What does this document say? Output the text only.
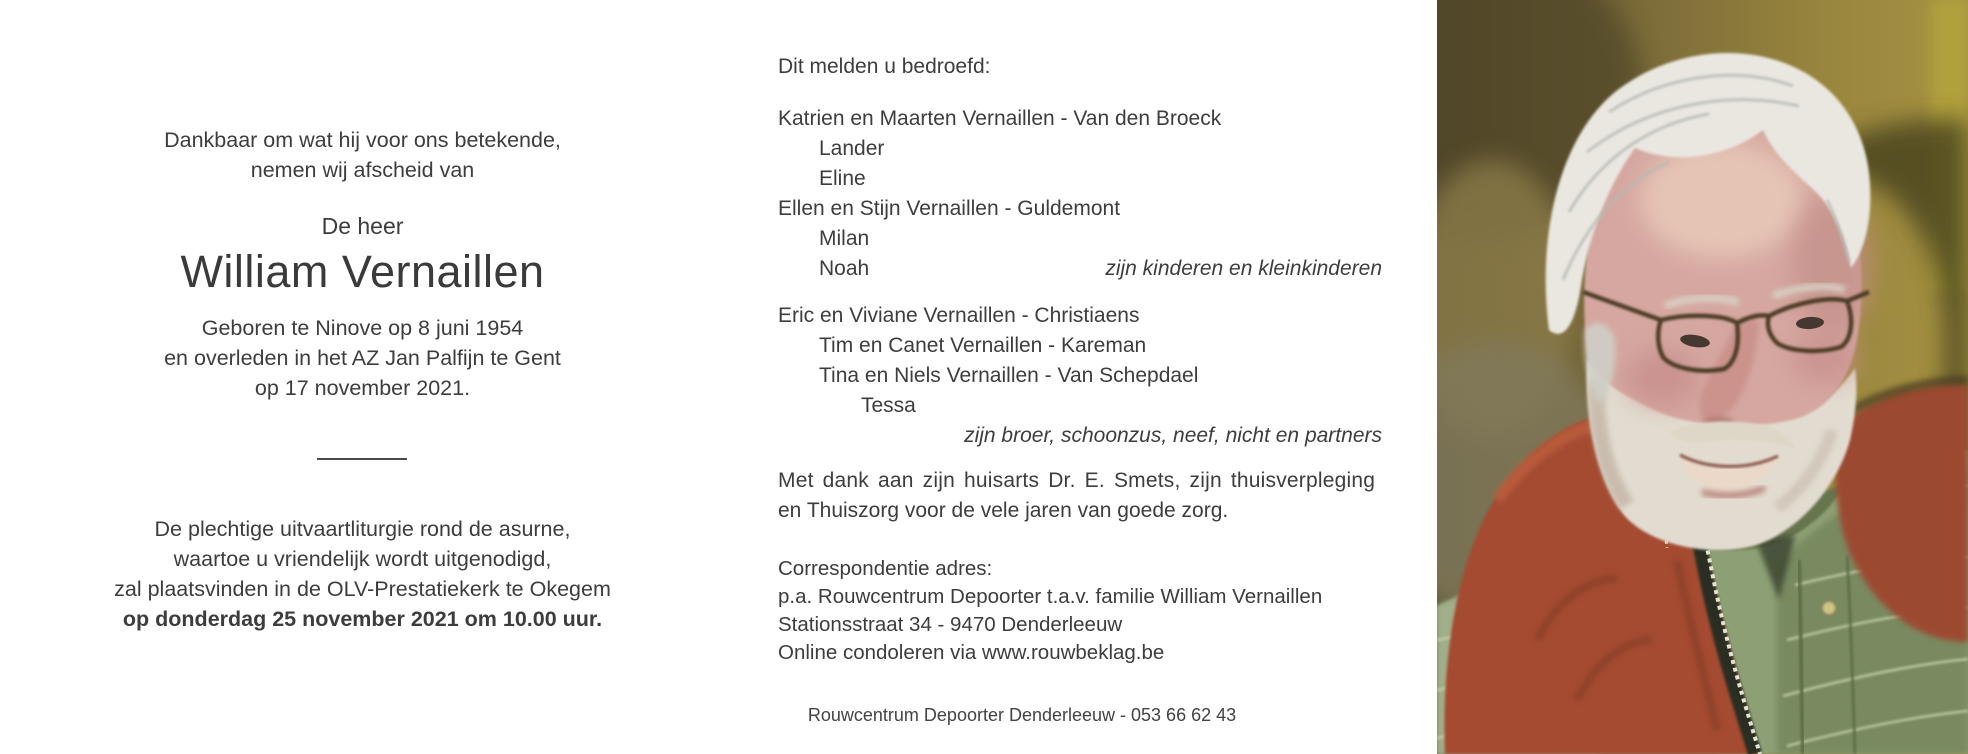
Dankbaar om wat hij voor ons betekende,
nemen wij afscheid van
De heer
William Vernaillen
Geboren te Ninove op 8 juni 1954
en overleden in het AZ Jan Palfijn te Gent
op 17 november 2021.
De plechtige uitvaartliturgie rond de asurne,
waartoe u vriendelijk wordt uitgenodigd,
zal plaatsvinden in de OLV-Prestatiekerk te Okegem
op donderdag 25 november 2021 om 10.00 uur.
Dit melden u bedroefd:
Katrien en Maarten Vernaillen - Van den Broeck
Lander
Eline
Ellen en Stijn Vernaillen - Guldemont
Milan
Noah	zijn kinderen en kleinkinderen
Eric en Viviane Vernaillen - Christiaens
Tim en Canet Vernaillen - Kareman
Tina en Niels Vernaillen - Van Schepdael
Tessa
zijn broer, schoonzus, neef, nicht en partners
Met dank aan zijn huisarts Dr. E. Smets, zijn thuisverpleging
en Thuiszorg voor de vele jaren van goede zorg.
Correspondentie adres:
p.a. Rouwcentrum Depoorter t.a.v. familie William Vernaillen
Stationsstraat 34 - 9470 Denderleeuw
Online condoleren via www.rouwbeklag.be
Rouwcentrum Depoorter Denderleeuw - 053 66 62 43
